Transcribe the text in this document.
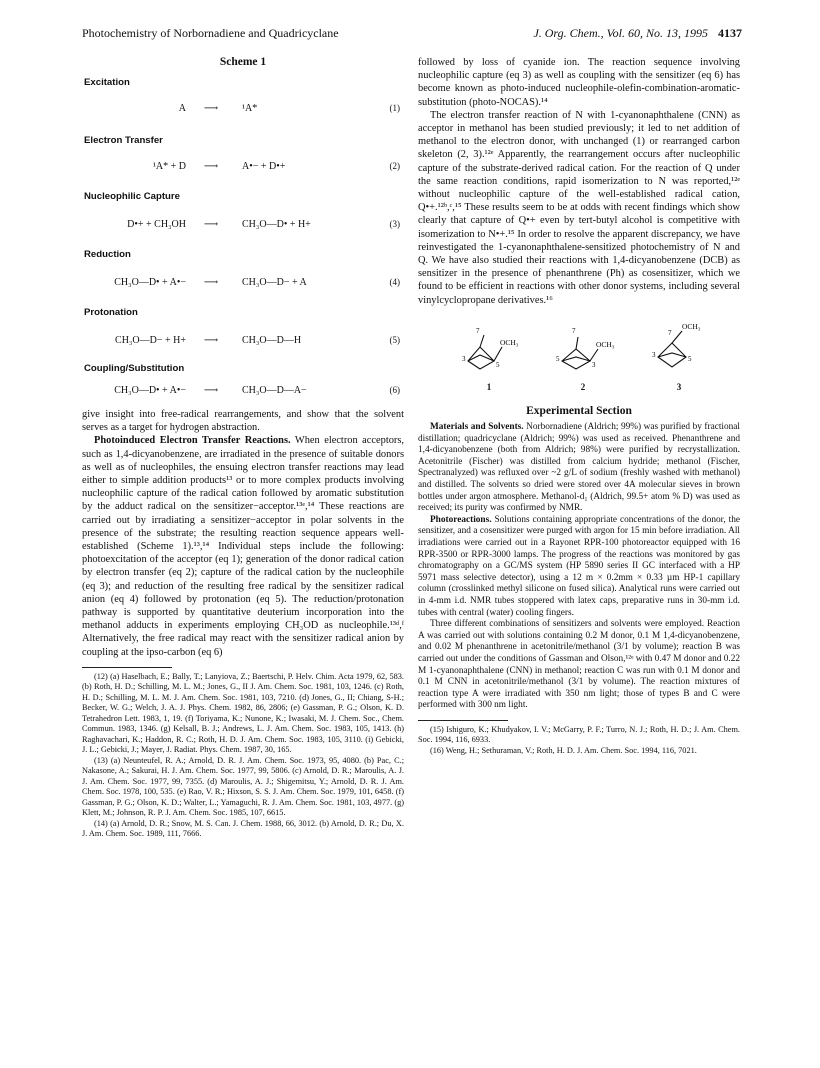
Photochemistry of Norbornadiene and Quadricyclane	J. Org. Chem., Vol. 60, No. 13, 1995 4137
Scheme 1
Excitation
A	⟶	¹A*	(1)
Electron Transfer
¹A* + D	⟶	A•− + D•+	(2)
Nucleophilic Capture
D•+ + CH₃OH	⟶	CH₃O—D• + H+	(3)
Reduction
CH₃O—D• + A•−	⟶	CH₃O—D− + A	(4)
Protonation
CH₃O—D− + H+	⟶	CH₃O—D—H	(5)
Coupling/Substitution
CH₃O—D• + A•−	⟶	CH₃O—D—A−	(6)

give insight into free-radical rearrangements, and show that the solvent serves as a target for hydrogen abstraction.

Photoinduced Electron Transfer Reactions. When electron acceptors, such as 1,4-dicyanobenzene, are irradiated in the presence of suitable donors as well as of nucleophiles, the ensuing electron transfer reactions may lead either to simple addition products¹³ or to more complex products involving nucleophilic capture of the radical cation followed by aromatic substitution by the adduct radical on the sensitizer−acceptor.¹³ᵉ,¹⁴ These reactions are carried out by irradiating a sensitizer−acceptor in polar solvents in the presence of the substrate; the resulting reaction sequence appears well-established (Scheme 1).¹³,¹⁴ Individual steps include the following: photoexcitation of the acceptor (eq 1); generation of the donor radical cation by electron transfer (eq 2); capture of the radical cation by the nucleophile (eq 3); and reduction of the resulting free radical by the sensitizer radical anion (eq 4) followed by protonation (eq 5). The reduction/protonation pathway is supported by quantitative deuterium incorporation into the methanol adducts in experiments employing CH₃OD as nucleophile.¹³ᵈ,ᶠ Alternatively, the free radical may react with the sensitizer radical anion by coupling at the ipso-carbon (eq 6)

(12) (a) Haselbach, E.; Bally, T.; Lanyiova, Z.; Baertschi, P. Helv. Chim. Acta 1979, 62, 583. (b) Roth, H. D.; Schilling, M. L. M.; Jones, G., II J. Am. Chem. Soc. 1981, 103, 1246. (c) Roth, H. D.; Schilling, M. L. M. J. Am. Chem. Soc. 1981, 103, 7210. (d) Jones, G., II; Chiang, S-H.; Becker, W. G.; Welch, J. A. J. Phys. Chem. 1982, 86, 2806; (e) Gassman, P. G.; Olson, K. D. Tetrahedron Lett. 1983, 1, 19. (f) Toriyama, K.; Nunone, K.; Iwasaki, M. J. Chem. Soc., Chem. Commun. 1983, 1346. (g) Kelsall, B. J.; Andrews, L. J. Am. Chem. Soc. 1983, 105, 1413. (h) Raghavachari, K.; Haddon, R. C.; Roth, H. D. J. Am. Chem. Soc. 1983, 105, 3110. (i) Gebicki, J. L.; Gebicki, J.; Mayer, J. Radiat. Phys. Chem. 1987, 30, 165.

(13) (a) Neunteufel, R. A.; Arnold, D. R. J. Am. Chem. Soc. 1973, 95, 4080. (b) Pac, C.; Nakasone, A.; Sakurai, H. J. Am. Chem. Soc. 1977, 99, 5806. (c) Arnold, D. R.; Maroulis, A. J. J. Am. Chem. Soc. 1977, 99, 7355. (d) Maroulis, A. J.; Shigemitsu, Y.; Arnold, D. R. J. Am. Chem. Soc. 1978, 100, 535. (e) Rao, V. R.; Hixson, S. S. J. Am. Chem. Soc. 1979, 101, 6458. (f) Gassman, P. G.; Olson, K. D.; Walter, L.; Yamaguchi, R. J. Am. Chem. Soc. 1981, 103, 4977. (g) Klett, M.; Johnson, R. P. J. Am. Chem. Soc. 1985, 107, 6615.

(14) (a) Arnold, D. R.; Snow, M. S. Can. J. Chem. 1988, 66, 3012. (b) Arnold, D. R.; Du, X. J. Am. Chem. Soc. 1989, 111, 7666.

followed by loss of cyanide ion. The reaction sequence involving nucleophilic capture (eq 3) as well as coupling with the sensitizer (eq 6) has become known as photo-induced nucleophile-olefin-combination-aromatic-substitution (photo-NOCAS).¹⁴

The electron transfer reaction of N with 1-cyanonaphthalene (CNN) as acceptor in methanol has been studied previously; it led to net addition of methanol to the electron donor, with unchanged (1) or rearranged carbon skeleton (2, 3).¹²ᵉ Apparently, the rearrangement occurs after nucleophilic capture of the substrate-derived radical cation. For the reaction of Q under the same reaction conditions, rapid isomerization to N was reported,¹²ᵉ without nucleophilic capture of the well-established radical cation, Q•+.¹²ᵇ,ᶜ,¹⁵ These results seem to be at odds with recent findings which show clearly that capture of Q•+ even by tert-butyl alcohol is competitive with isomerization to N•+.¹⁵ In order to resolve the apparent discrepancy, we have reinvestigated the 1-cyanonaphthalene-sensitized photochemistry of N and Q. We have also studied their reactions with 1,4-dicyanobenzene (DCB) as sensitizer in the presence of phenanthrene (Ph) as cosensitizer, which we found to be efficient in reactions with other donor systems, including several vinylcyclopropane derivatives.¹⁶

7
3
5
OCH₃
1
7
5
3
OCH₃
2
7
3	5
OCH₃
3
Experimental Section

Materials and Solvents. Norbornadiene (Aldrich; 99%) was purified by fractional distillation; quadricyclane (Aldrich; 99%) was used as received. Phenanthrene and 1,4-dicyanobenzene (both from Aldrich; 98%) were purified by recrystallization. Acetonitrile (Fischer) was distilled from calcium hydride; methanol (Fischer, Spectranalyzed) was refluxed over ~2 g/L of sodium (freshly washed with methanol) and distilled. The solvents so dried were stored over 4A molecular sieves in brown bottles under argon atmosphere. Methanol-d₁ (Aldrich, 99.5+ atom % D) was used as received; its purity was confirmed by NMR.

Photoreactions. Solutions containing appropriate concentrations of the donor, the sensitizer, and a cosensitizer were purged with argon for 15 min before irradiation. All irradiations were carried out in a Rayonet RPR-100 photoreactor equipped with 16 RPR-3500 or RPR-3000 lamps. The progress of the reactions was monitored by gas chromatography on a GC/MS system (HP 5890 series II GC interfaced with a HP 5971 mass selective detector), using a 12 m × 0.2mm × 0.33 µm HP-1 capillary column (crosslinked methyl silicone on fused silica). Analytical runs were carried out in 4-mm i.d. NMR tubes stoppered with latex caps, preparative runs in 30-mm i.d. tubes with central (water) cooling fingers.

Three different combinations of sensitizers and solvents were employed. Reaction A was carried out with solutions containing 0.2 M donor, 0.1 M 1,4-dicyanobenzene, and 0.02 M phenanthrene in acetonitrile/methanol (3/1 by volume); reaction B was carried out under the conditions of Gassman and Olson,¹²ᵉ with 0.47 M donor and 0.22 M 1-cyanonaphthalene (CNN) in methanol; reaction C was run with 0.1 M donor and 0.1 M CNN in acetonitrile/methanol (3/1 by volume). The reaction mixtures of reaction type A were irradiated with 350 nm light; those of types B and C were performed with 300 nm light.

(15) Ishiguro, K.; Khudyakov, I. V.; McGarry, P. F.; Turro, N. J.; Roth, H. D.; J. Am. Chem. Soc. 1994, 116, 6933.

(16) Weng, H.; Sethuraman, V.; Roth, H. D. J. Am. Chem. Soc. 1994, 116, 7021.
